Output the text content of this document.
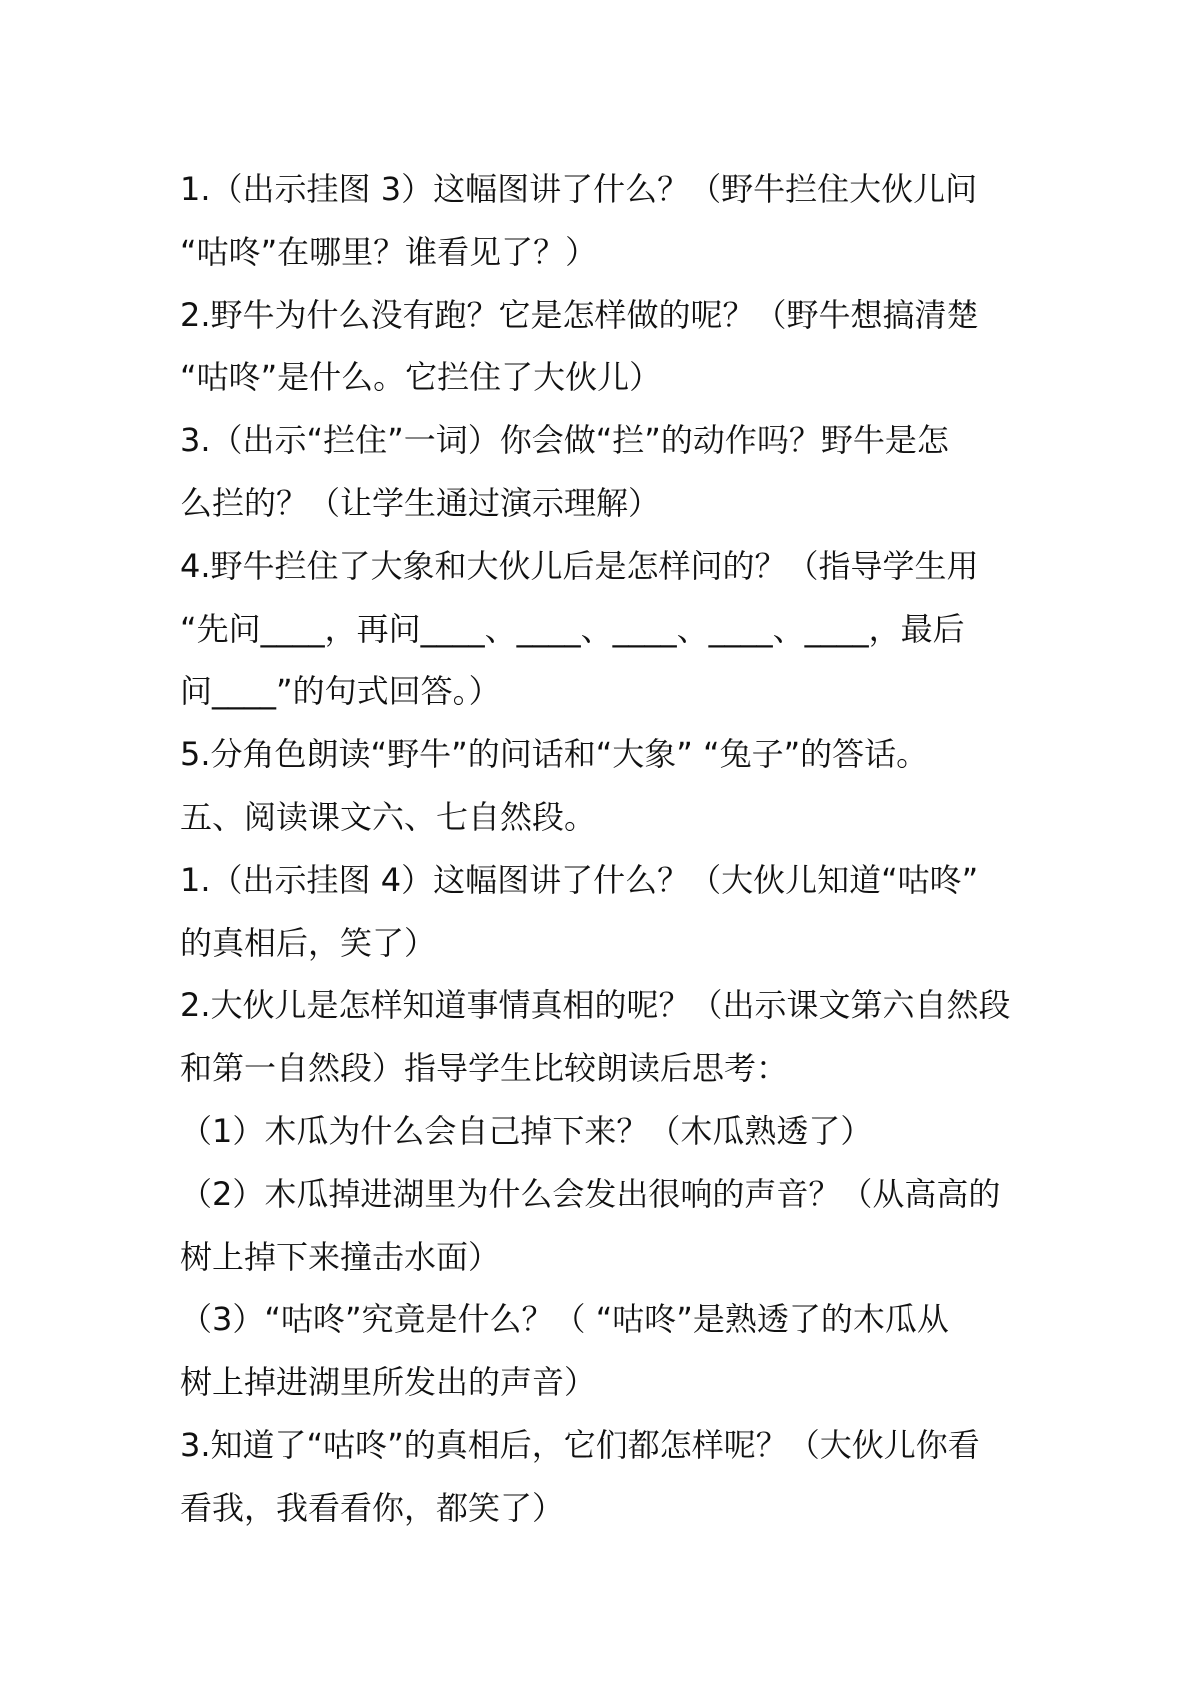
1.（出示挂图 3）这幅图讲了什么？（野牛拦住大伙儿问

“咕咚”在哪里？谁看见了？）

2.野牛为什么没有跑？它是怎样做的呢？（野牛想搞清楚

“咕咚”是什么。它拦住了大伙儿）

3.（出示“拦住”一词）你会做“拦”的动作吗？野牛是怎

么拦的？（让学生通过演示理解）

4.野牛拦住了大象和大伙儿后是怎样问的？（指导学生用

“先问____，再问____、____、____、____、____，最后

问____”的句式回答。）

5.分角色朗读“野牛”的问话和“大象” “兔子”的答话。

五、阅读课文六、七自然段。

1.（出示挂图 4）这幅图讲了什么？（大伙儿知道“咕咚”

的真相后，笑了）

2.大伙儿是怎样知道事情真相的呢？（出示课文第六自然段

和第一自然段）指导学生比较朗读后思考：

（1）木瓜为什么会自己掉下来？（木瓜熟透了）

（2）木瓜掉进湖里为什么会发出很响的声音？（从高高的

树上掉下来撞击水面）

（3）“咕咚”究竟是什么？（ “咕咚”是熟透了的木瓜从

树上掉进湖里所发出的声音）

3.知道了“咕咚”的真相后，它们都怎样呢？（大伙儿你看

看我，我看看你，都笑了）
